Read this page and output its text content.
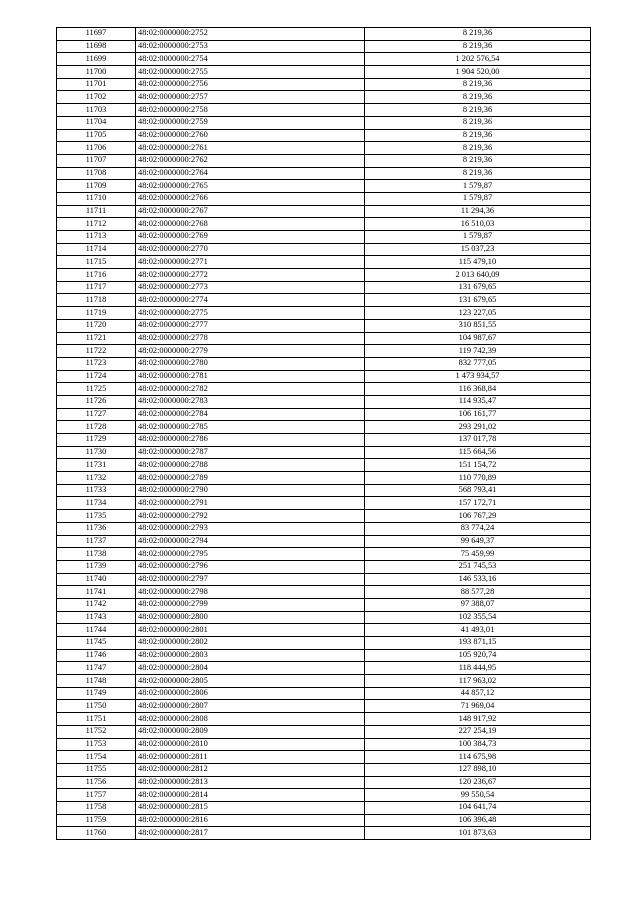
11697	48:02:0000000:2752	8 219,36
11698	48:02:0000000:2753	8 219,36
11699	48:02:0000000:2754	1 202 576,54
11700	48:02:0000000:2755	1 904 520,00
11701	48:02:0000000:2756	8 219,36
11702	48:02:0000000:2757	8 219,36
11703	48:02:0000000:2758	8 219,36
11704	48:02:0000000:2759	8 219,36
11705	48:02:0000000:2760	8 219,36
11706	48:02:0000000:2761	8 219,36
11707	48:02:0000000:2762	8 219,36
11708	48:02:0000000:2764	8 219,36
11709	48:02:0000000:2765	1 579,87
11710	48:02:0000000:2766	1 579,87
11711	48:02:0000000:2767	11 294,36
11712	48:02:0000000:2768	16 510,03
11713	48:02:0000000:2769	1 579,87
11714	48:02:0000000:2770	15 037,23
11715	48:02:0000000:2771	115 479,10
11716	48:02:0000000:2772	2 013 640,09
11717	48:02:0000000:2773	131 679,65
11718	48:02:0000000:2774	131 679,65
11719	48:02:0000000:2775	123 227,05
11720	48:02:0000000:2777	310 851,55
11721	48:02:0000000:2778	104 987,67
11722	48:02:0000000:2779	119 742,39
11723	48:02:0000000:2780	832 777,05
11724	48:02:0000000:2781	1 473 934,57
11725	48:02:0000000:2782	116 368,84
11726	48:02:0000000:2783	114 935,47
11727	48:02:0000000:2784	106 161,77
11728	48:02:0000000:2785	293 291,02
11729	48:02:0000000:2786	137 017,78
11730	48:02:0000000:2787	115 664,56
11731	48:02:0000000:2788	151 154,72
11732	48:02:0000000:2789	110 770,89
11733	48:02:0000000:2790	568 793,41
11734	48:02:0000000:2791	157 172,71
11735	48:02:0000000:2792	106 767,29
11736	48:02:0000000:2793	83 774,24
11737	48:02:0000000:2794	99 649,37
11738	48:02:0000000:2795	75 459,99
11739	48:02:0000000:2796	251 745,53
11740	48:02:0000000:2797	146 533,16
11741	48:02:0000000:2798	88 577,28
11742	48:02:0000000:2799	97 388,07
11743	48:02:0000000:2800	102 355,54
11744	48:02:0000000:2801	41 493,01
11745	48:02:0000000:2802	193 871,15
11746	48:02:0000000:2803	105 920,74
11747	48:02:0000000:2804	118 444,95
11748	48:02:0000000:2805	117 963,02
11749	48:02:0000000:2806	44 857,12
11750	48:02:0000000:2807	71 969,04
11751	48:02:0000000:2808	148 917,92
11752	48:02:0000000:2809	227 254,19
11753	48:02:0000000:2810	100 384,73
11754	48:02:0000000:2811	114 675,98
11755	48:02:0000000:2812	127 898,10
11756	48:02:0000000:2813	120 236,67
11757	48:02:0000000:2814	99 550,54
11758	48:02:0000000:2815	104 641,74
11759	48:02:0000000:2816	106 396,48
11760	48:02:0000000:2817	101 873,63
